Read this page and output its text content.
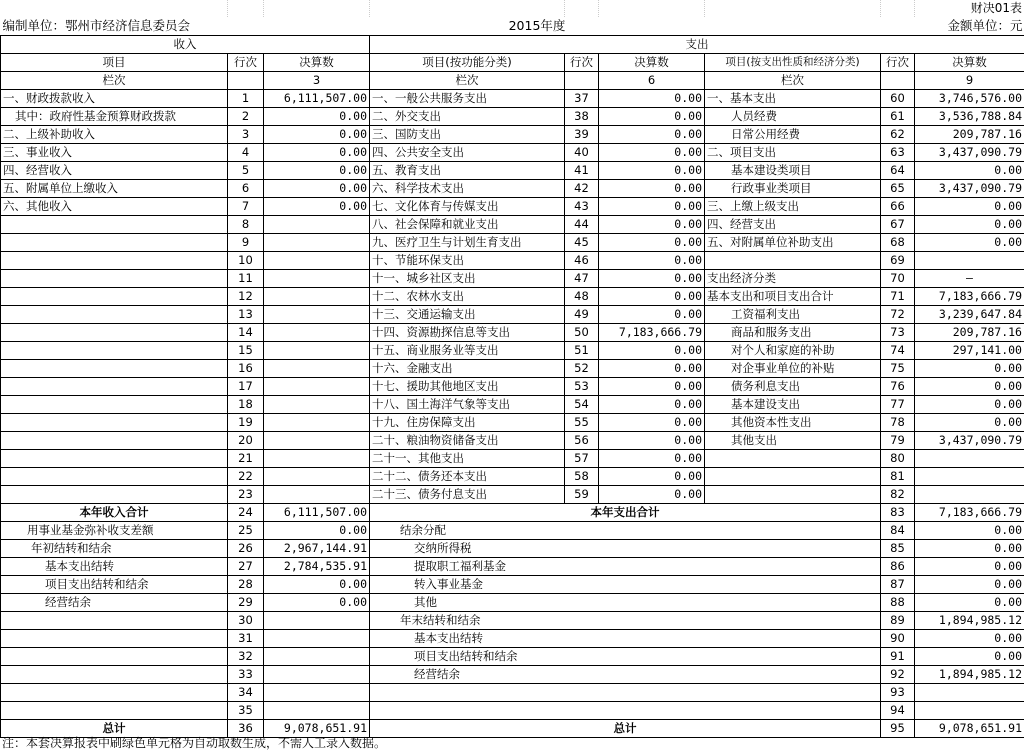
								财决01表
编制单位：鄂州市经济信息委员会			2015年度			金额单位：元		
收入			支出					
项目	行次	决算数	项目(按功能分类)	行次	决算数	项目(按支出性质和经济分类)	行次	决算数
栏次		3	栏次		6	栏次		9
一、财政拨款收入	1	6,111,507.00	一、一般公共服务支出	37	0.00	一、基本支出	60	3,746,576.00
其中：政府性基金预算财政拨款	2	0.00	二、外交支出	38	0.00	人员经费	61	3,536,788.84
二、上级补助收入	3	0.00	三、国防支出	39	0.00	日常公用经费	62	209,787.16
三、事业收入	4	0.00	四、公共安全支出	40	0.00	二、项目支出	63	3,437,090.79
四、经营收入	5	0.00	五、教育支出	41	0.00	基本建设类项目	64	0.00
五、附属单位上缴收入	6	0.00	六、科学技术支出	42	0.00	行政事业类项目	65	3,437,090.79
六、其他收入	7	0.00	七、文化体育与传媒支出	43	0.00	三、上缴上级支出	66	0.00
	8		八、社会保障和就业支出	44	0.00	四、经营支出	67	0.00
	9		九、医疗卫生与计划生育支出	45	0.00	五、对附属单位补助支出	68	0.00
	10		十、节能环保支出	46	0.00		69	
	11		十一、城乡社区支出	47	0.00	支出经济分类	70	—
	12		十二、农林水支出	48	0.00	基本支出和项目支出合计	71	7,183,666.79
	13		十三、交通运输支出	49	0.00	工资福利支出	72	3,239,647.84
	14		十四、资源勘探信息等支出	50	7,183,666.79	商品和服务支出	73	209,787.16
	15		十五、商业服务业等支出	51	0.00	对个人和家庭的补助	74	297,141.00
	16		十六、金融支出	52	0.00	对企事业单位的补贴	75	0.00
	17		十七、援助其他地区支出	53	0.00	债务利息支出	76	0.00
	18		十八、国土海洋气象等支出	54	0.00	基本建设支出	77	0.00
	19		十九、住房保障支出	55	0.00	其他资本性支出	78	0.00
	20		二十、粮油物资储备支出	56	0.00	其他支出	79	3,437,090.79
	21		二十一、其他支出	57	0.00		80	
	22		二十二、债务还本支出	58	0.00		81	
	23		二十三、债务付息支出	59	0.00		82	
本年收入合计	24	6,111,507.00	本年支出合计				83	7,183,666.79
用事业基金弥补收支差额	25	0.00	结余分配				84	0.00
年初结转和结余	26	2,967,144.91	交纳所得税				85	0.00
基本支出结转	27	2,784,535.91	提取职工福利基金				86	0.00
项目支出结转和结余	28	0.00	转入事业基金				87	0.00
经营结余	29	0.00	其他				88	0.00
	30		年末结转和结余				89	1,894,985.12
	31		基本支出结转				90	0.00
	32		项目支出结转和结余				91	0.00
	33		经营结余				92	1,894,985.12
	34						93	
	35						94	
总计	36	9,078,651.91	总计				95	9,078,651.91
注：本套决算报表中刷绿色单元格为自动取数生成，不需人工录入数据。
